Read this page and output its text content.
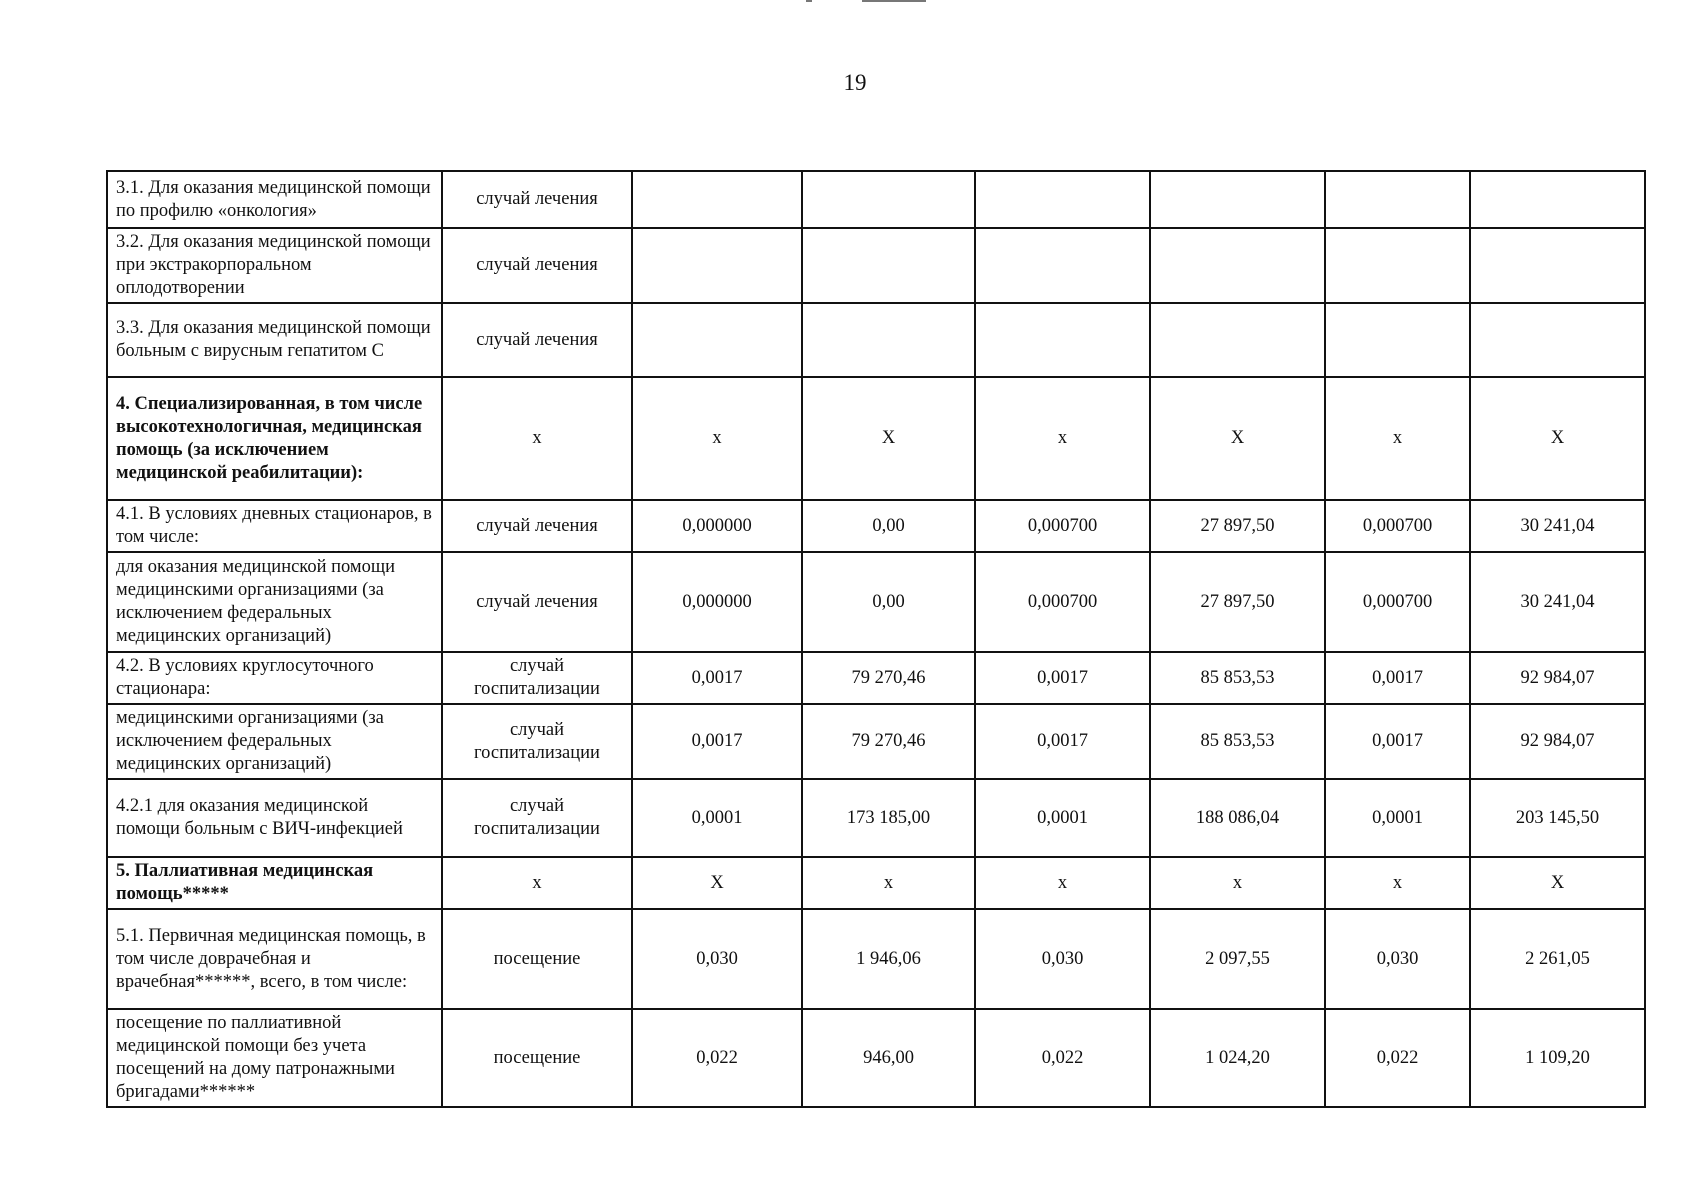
19
3.1. Для оказания медицинской помощи по профилю «онкология»	случай лечения						
3.2. Для оказания медицинской помощи при экстракорпоральном оплодотворении	случай лечения						
3.3. Для оказания медицинской помощи больным с вирусным гепатитом С	случай лечения						
4. Специализированная, в том числе высокотехнологичная, медицинская помощь (за исключением медицинской реабилитации):	x	x	X	x	X	x	X
4.1. В условиях дневных стационаров, в том числе:	случай лечения	0,000000	0,00	0,000700	27 897,50	0,000700	30 241,04
для оказания медицинской помощи медицинскими организациями (за исключением федеральных медицинских организаций)	случай лечения	0,000000	0,00	0,000700	27 897,50	0,000700	30 241,04
4.2. В условиях круглосуточного стационара:	случай госпитализации	0,0017	79 270,46	0,0017	85 853,53	0,0017	92 984,07
медицинскими организациями (за исключением федеральных медицинских организаций)	случай госпитализации	0,0017	79 270,46	0,0017	85 853,53	0,0017	92 984,07
4.2.1 для оказания медицинской помощи больным с ВИЧ-инфекцией	случай госпитализации	0,0001	173 185,00	0,0001	188 086,04	0,0001	203 145,50
5. Паллиативная медицинская помощь*****	x	X	x	x	x	x	X
5.1. Первичная медицинская помощь, в том числе доврачебная и врачебная******, всего, в том числе:	посещение	0,030	1 946,06	0,030	2 097,55	0,030	2 261,05
посещение по паллиативной медицинской помощи без учета посещений на дому патронажными бригадами******	посещение	0,022	946,00	0,022	1 024,20	0,022	1 109,20
